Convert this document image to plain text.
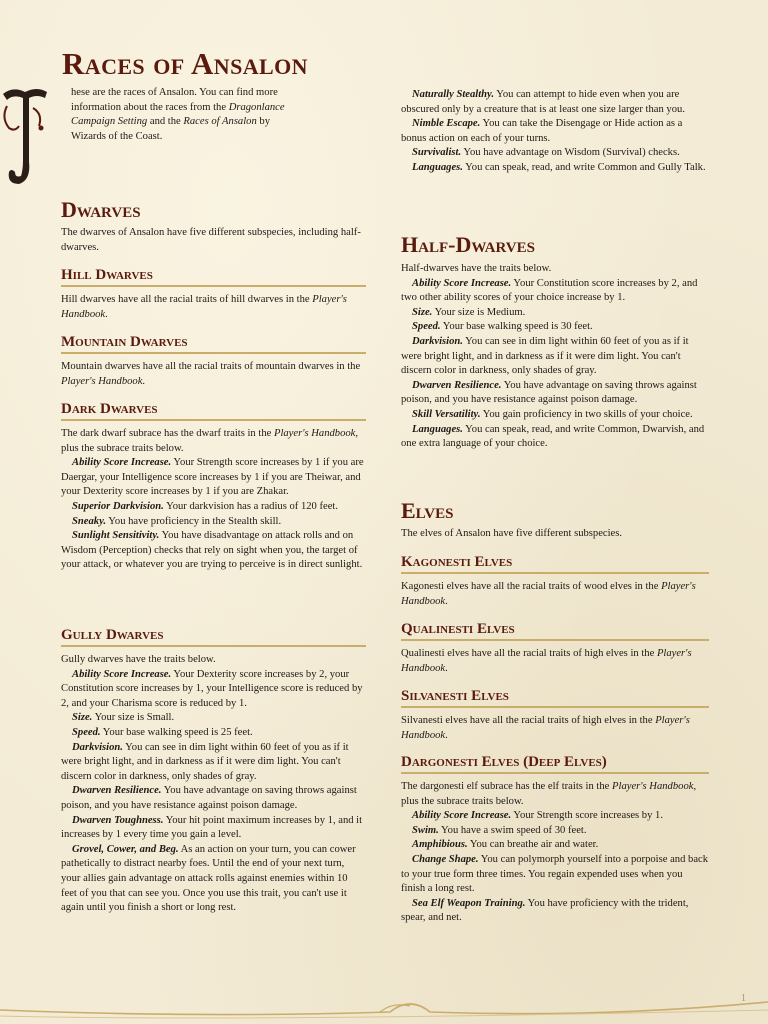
Races of Ansalon

hese are the races of Ansalon. You can find more information about the races from the Dragonlance Campaign Setting and the Races of Ansalon by Wizards of the Coast.

Dwarves

The dwarves of Ansalon have five different subspecies, including half-dwarves.

Hill Dwarves

Hill dwarves have all the racial traits of hill dwarves in the Player's Handbook.

Mountain Dwarves

Mountain dwarves have all the racial traits of mountain dwarves in the Player's Handbook.

Dark Dwarves

The dark dwarf subrace has the dwarf traits in the Player's Handbook, plus the subrace traits below.

Ability Score Increase. Your Strength score increases by 1 if you are Daergar, your Intelligence score increases by 1 if you are Theiwar, and your Dexterity score increases by 1 if you are Zhakar.

Superior Darkvision. Your darkvision has a radius of 120 feet.

Sneaky. You have proficiency in the Stealth skill.

Sunlight Sensitivity. You have disadvantage on attack rolls and on Wisdom (Perception) checks that rely on sight when you, the target of your attack, or whatever you are trying to perceive is in direct sunlight.

Gully Dwarves

Gully dwarves have the traits below.

Ability Score Increase. Your Dexterity score increases by 2, your Constitution score increases by 1, your Intelligence score is reduced by 2, and your Charisma score is reduced by 1.

Size. Your size is Small.

Speed. Your base walking speed is 25 feet.

Darkvision. You can see in dim light within 60 feet of you as if it were bright light, and in darkness as if it were dim light. You can't discern color in darkness, only shades of gray.

Dwarven Resilience. You have advantage on saving throws against poison, and you have resistance against poison damage.

Dwarven Toughness. Your hit point maximum increases by 1, and it increases by 1 every time you gain a level.

Grovel, Cower, and Beg. As an action on your turn, you can cower pathetically to distract nearby foes. Until the end of your next turn, your allies gain advantage on attack rolls against enemies within 10 feet of you that can see you. Once you use this trait, you can't use it again until you finish a short or long rest.

Naturally Stealthy. You can attempt to hide even when you are obscured only by a creature that is at least one size larger than you.

Nimble Escape. You can take the Disengage or Hide action as a bonus action on each of your turns.

Survivalist. You have advantage on Wisdom (Survival) checks.

Languages. You can speak, read, and write Common and Gully Talk.

Half-Dwarves

Half-dwarves have the traits below.

Ability Score Increase. Your Constitution score increases by 2, and two other ability scores of your choice increase by 1.

Size. Your size is Medium.

Speed. Your base walking speed is 30 feet.

Darkvision. You can see in dim light within 60 feet of you as if it were bright light, and in darkness as if it were dim light. You can't discern color in darkness, only shades of gray.

Dwarven Resilience. You have advantage on saving throws against poison, and you have resistance against poison damage.

Skill Versatility. You gain proficiency in two skills of your choice.

Languages. You can speak, read, and write Common, Dwarvish, and one extra language of your choice.

Elves

The elves of Ansalon have five different subspecies.

Kagonesti Elves

Kagonesti elves have all the racial traits of wood elves in the Player's Handbook.

Qualinesti Elves

Qualinesti elves have all the racial traits of high elves in the Player's Handbook.

Silvanesti Elves

Silvanesti elves have all the racial traits of high elves in the Player's Handbook.

Dargonesti Elves (Deep Elves)

The dargonesti elf subrace has the elf traits in the Player's Handbook, plus the subrace traits below.

Ability Score Increase. Your Strength score increases by 1.

Swim. You have a swim speed of 30 feet.

Amphibious. You can breathe air and water.

Change Shape. You can polymorph yourself into a porpoise and back to your true form three times. You regain expended uses when you finish a long rest.

Sea Elf Weapon Training. You have proficiency with the trident, spear, and net.

1
